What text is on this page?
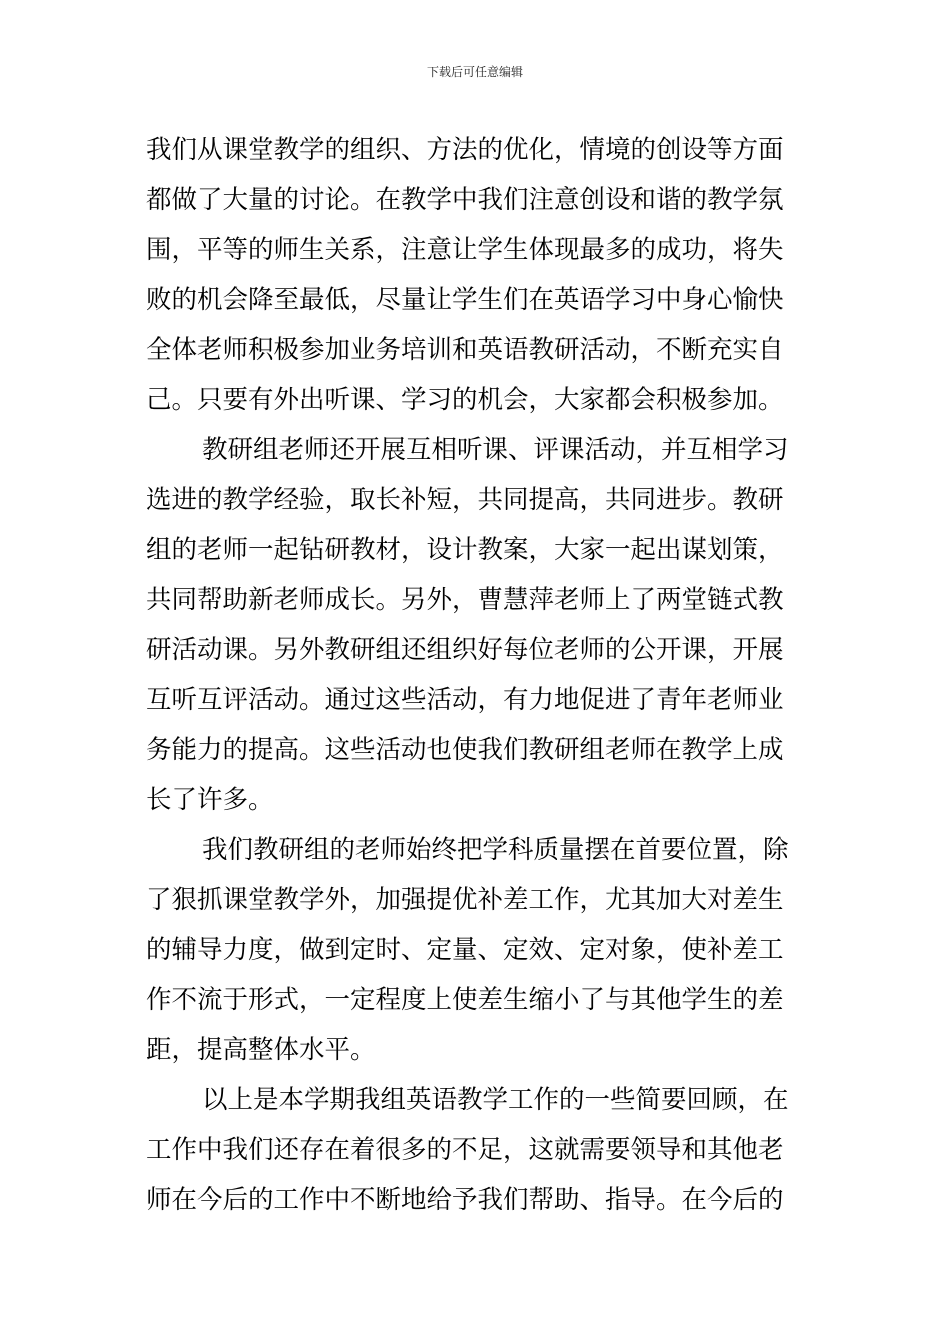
下载后可任意编辑
我们从课堂教学的组织、方法的优化，情境的创设等方面
都做了大量的讨论。在教学中我们注意创设和谐的教学氛
围，平等的师生关系，注意让学生体现最多的成功，将失
败的机会降至最低，尽量让学生们在英语学习中身心愉快
全体老师积极参加业务培训和英语教研活动，不断充实自
己。只要有外出听课、学习的机会，大家都会积极参加。
教研组老师还开展互相听课、评课活动，并互相学习
选进的教学经验，取长补短，共同提高，共同进步。教研
组的老师一起钻研教材，设计教案，大家一起出谋划策，
共同帮助新老师成长。另外，曹慧萍老师上了两堂链式教
研活动课。另外教研组还组织好每位老师的公开课，开展
互听互评活动。通过这些活动，有力地促进了青年老师业
务能力的提高。这些活动也使我们教研组老师在教学上成
长了许多。
我们教研组的老师始终把学科质量摆在首要位置，除
了狠抓课堂教学外，加强提优补差工作，尤其加大对差生
的辅导力度，做到定时、定量、定效、定对象，使补差工
作不流于形式，一定程度上使差生缩小了与其他学生的差
距，提高整体水平。
以上是本学期我组英语教学工作的一些简要回顾，在
工作中我们还存在着很多的不足，这就需要领导和其他老
师在今后的工作中不断地给予我们帮助、指导。在今后的
